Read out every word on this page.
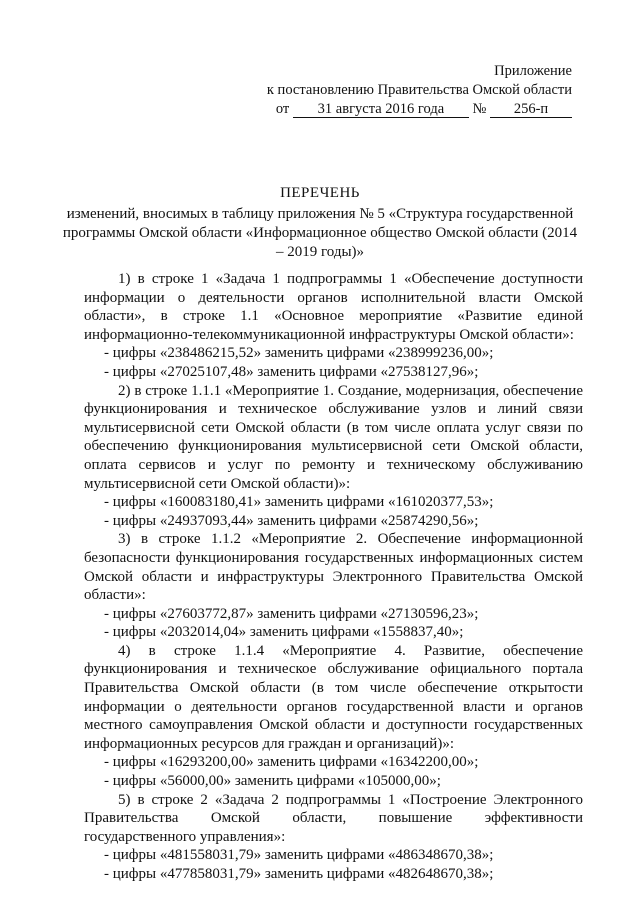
Приложение
к постановлению Правительства Омской области
от 31 августа 2016 года № 256-п
ПЕРЕЧЕНЬ
изменений, вносимых в таблицу приложения № 5 «Структура государственной программы Омской области «Информационное общество Омской области (2014 – 2019 годы)»

1) в строке 1 «Задача 1 подпрограммы 1 «Обеспечение доступности информации о деятельности органов исполнительной власти Омской области», в строке 1.1 «Основное мероприятие «Развитие единой информационно-телекоммуникационной инфраструктуры Омской области»:

- цифры «238486215,52» заменить цифрами «238999236,00»;

- цифры «27025107,48» заменить цифрами «27538127,96»;

2) в строке 1.1.1 «Мероприятие 1. Создание, модернизация, обеспечение функционирования и техническое обслуживание узлов и линий связи мультисервисной сети Омской области (в том числе оплата услуг связи по обеспечению функционирования мультисервисной сети Омской области, оплата сервисов и услуг по ремонту и техническому обслуживанию мультисервисной сети Омской области)»:

- цифры «160083180,41» заменить цифрами «161020377,53»;

- цифры «24937093,44» заменить цифрами «25874290,56»;

3) в строке 1.1.2 «Мероприятие 2. Обеспечение информационной безопасности функционирования государственных информационных систем Омской области и инфраструктуры Электронного Правительства Омской области»:

- цифры «27603772,87» заменить цифрами «27130596,23»;

- цифры «2032014,04» заменить цифрами «1558837,40»;

4) в строке 1.1.4 «Мероприятие 4. Развитие, обеспечение функционирования и техническое обслуживание официального портала Правительства Омской области (в том числе обеспечение открытости информации о деятельности органов государственной власти и органов местного самоуправления Омской области и доступности государственных информационных ресурсов для граждан и организаций)»:

- цифры «16293200,00» заменить цифрами «16342200,00»;

- цифры «56000,00» заменить цифрами «105000,00»;

5) в строке 2 «Задача 2 подпрограммы 1 «Построение Электронного Правительства Омской области, повышение эффективности государственного управления»:

- цифры «481558031,79» заменить цифрами «486348670,38»;

- цифры «477858031,79» заменить цифрами «482648670,38»;
